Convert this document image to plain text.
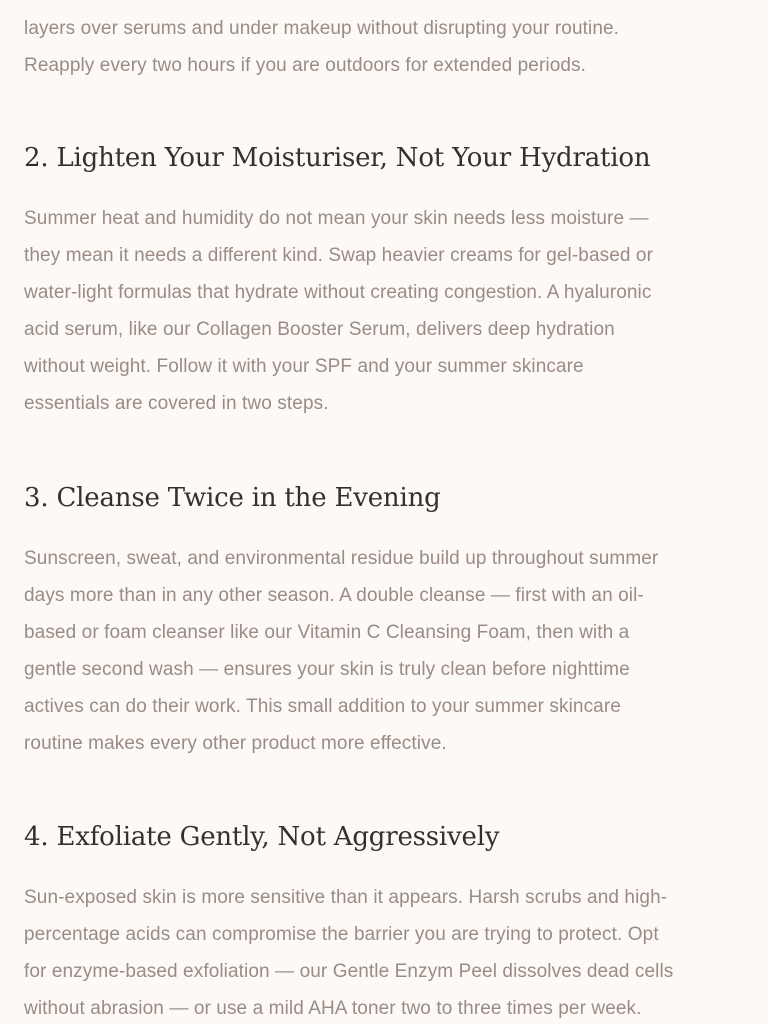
layers over serums and under makeup without disrupting your routine.
Reapply every two hours if you are outdoors for extended periods.

2. Lighten Your Moisturiser, Not Your Hydration

Summer heat and humidity do not mean your skin needs less moisture —
they mean it needs a different kind. Swap heavier creams for gel-based or
water-light formulas that hydrate without creating congestion. A hyaluronic
acid serum, like our Collagen Booster Serum, delivers deep hydration
without weight. Follow it with your SPF and your summer skincare
essentials are covered in two steps.

3. Cleanse Twice in the Evening

Sunscreen, sweat, and environmental residue build up throughout summer
days more than in any other season. A double cleanse — first with an oil-
based or foam cleanser like our Vitamin C Cleansing Foam, then with a
gentle second wash — ensures your skin is truly clean before nighttime
actives can do their work. This small addition to your summer skincare
routine makes every other product more effective.

4. Exfoliate Gently, Not Aggressively

Sun-exposed skin is more sensitive than it appears. Harsh scrubs and high-
percentage acids can compromise the barrier you are trying to protect. Opt
for enzyme-based exfoliation — our Gentle Enzym Peel dissolves dead cells
without abrasion — or use a mild AHA toner two to three times per week.
